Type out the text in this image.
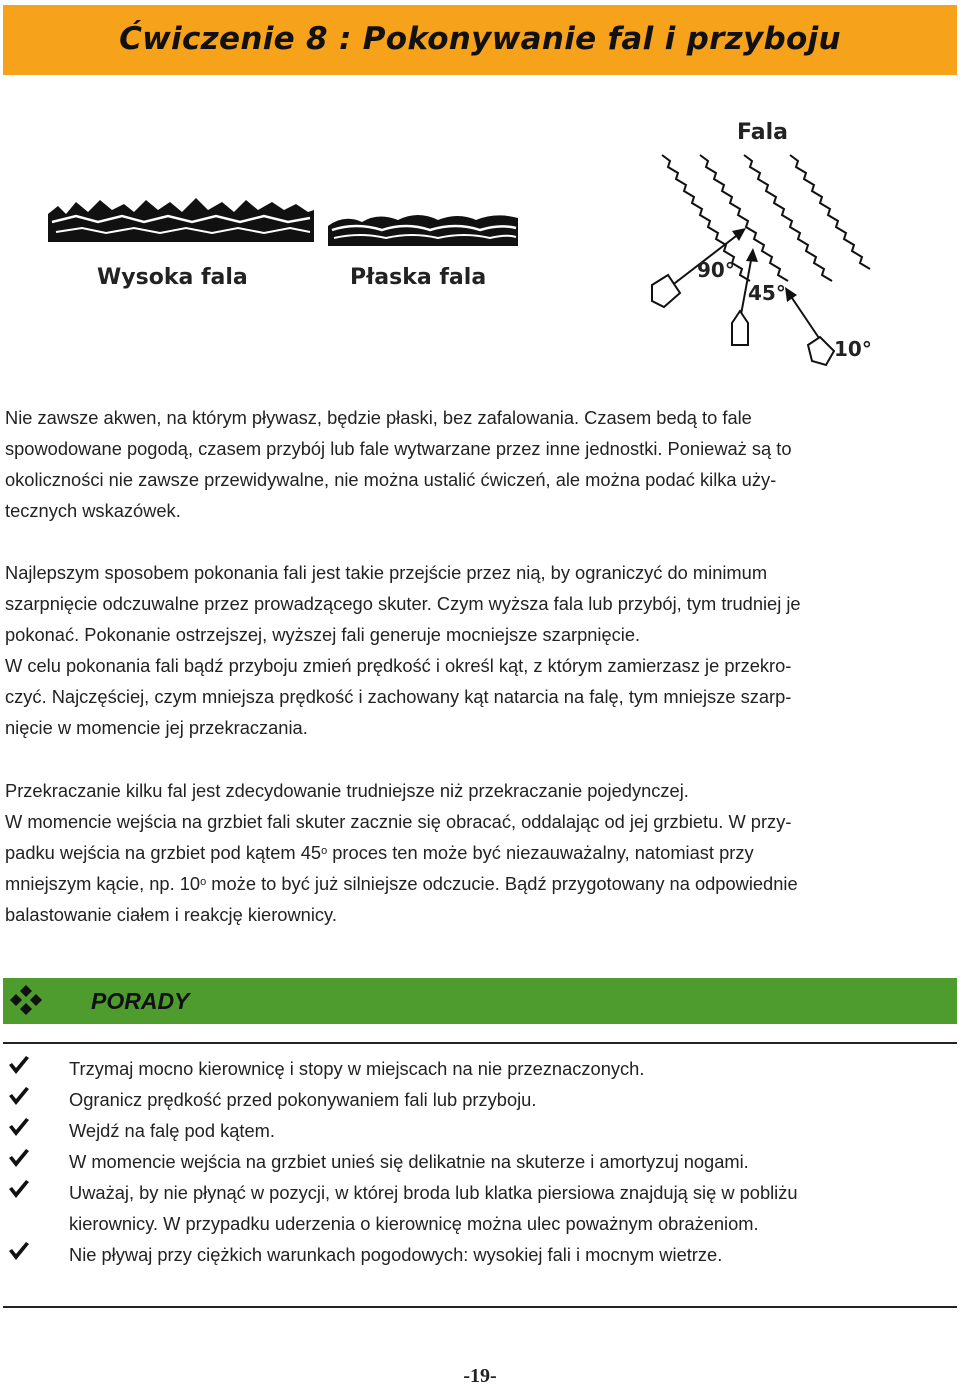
Ćwiczenie 8 : Pokonywanie fal i przyboju
Wysoka fala	Płaska fala
Fala
90°
45°
10°

Nie zawsze akwen, na którym pływasz, będzie płaski, bez zafalowania. Czasem bedą to fale

spowodowane pogodą, czasem przybój lub fale wytwarzane przez inne jednostki. Ponieważ są to

okoliczności nie zawsze przewidywalne, nie można ustalić ćwiczeń, ale można podać kilka uży-

tecznych wskazówek.

Najlepszym sposobem pokonania fali jest takie przejście przez nią, by ograniczyć do minimum

szarpnięcie odczuwalne przez prowadzącego skuter. Czym wyższa fala lub przybój, tym trudniej je

pokonać. Pokonanie ostrzejszej, wyższej fali generuje mocniejsze szarpnięcie.

W celu pokonania fali bądź przyboju zmień prędkość i określ kąt, z którym zamierzasz je przekro-

czyć. Najczęściej, czym mniejsza prędkość i zachowany kąt natarcia na falę, tym mniejsze szarp-

nięcie w momencie jej przekraczania.

Przekraczanie kilku fal jest zdecydowanie trudniejsze niż przekraczanie pojedynczej.

W momencie wejścia na grzbiet fali skuter zacznie się obracać, oddalając od jej grzbietu. W przy-

padku wejścia na grzbiet pod kątem 45$^o$ proces ten może być niezauważalny, natomiast przy

mniejszym kącie, np. 10$^o$ może to być już silniejsze odczucie. Bądź przygotowany na odpowiednie

balastowanie ciałem i reakcję kierownicy.

PORADY
Trzymaj mocno kierownicę i stopy w miejscach na nie przeznaczonych.
Ogranicz prędkość przed pokonywaniem fali lub przyboju.
Wejdź na falę pod kątem.
W momencie wejścia na grzbiet unieś się delikatnie na skuterze i amortyzuj nogami.
Uważaj, by nie płynąć w pozycji, w której broda lub klatka piersiowa znajdują się w pobliżu
kierownicy. W przypadku uderzenia o kierownicę można ulec poważnym obrażeniom.
Nie pływaj przy ciężkich warunkach pogodowych: wysokiej fali i mocnym wietrze.
-19-
